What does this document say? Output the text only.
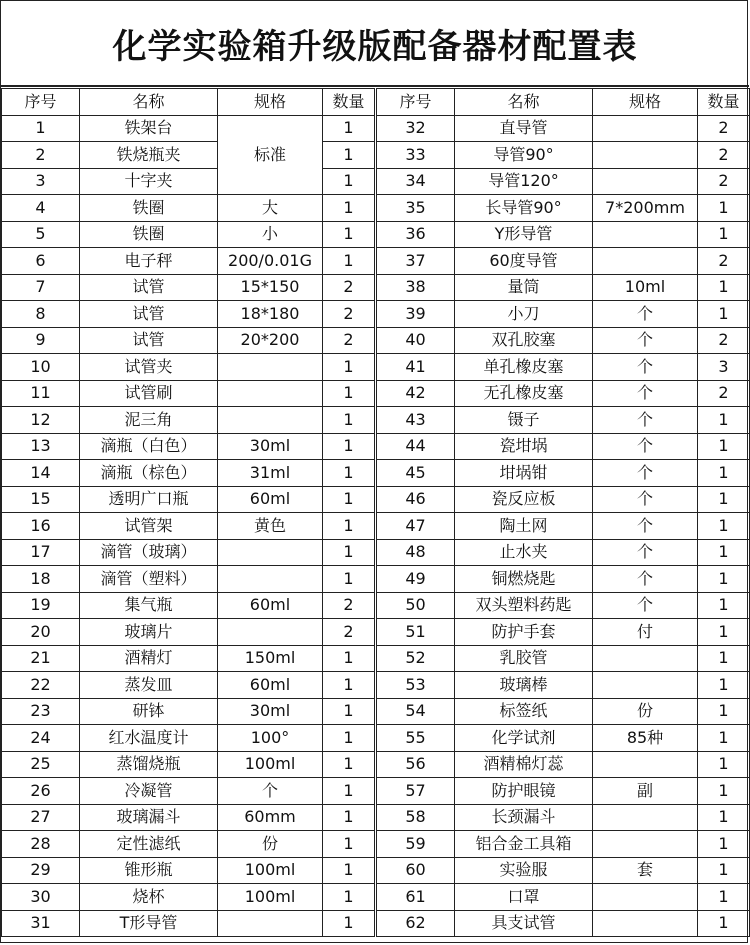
化学实验箱升级版配备器材配置表
序号	名称	规格	数量
1	铁架台	标准	1
2	铁烧瓶夹		1
3	十字夹		1
4	铁圈	大	1
5	铁圈	小	1
6	电子秤	200/0.01G	1
7	试管	15*150	2
8	试管	18*180	2
9	试管	20*200	2
10	试管夹		1
11	试管刷		1
12	泥三角		1
13	滴瓶（白色）	30ml	1
14	滴瓶（棕色）	31ml	1
15	透明广口瓶	60ml	1
16	试管架	黄色	1
17	滴管（玻璃）		1
18	滴管（塑料）		1
19	集气瓶	60ml	2
20	玻璃片		2
21	酒精灯	150ml	1
22	蒸发皿	60ml	1
23	研钵	30ml	1
24	红水温度计	100°	1
25	蒸馏烧瓶	100ml	1
26	冷凝管	个	1
27	玻璃漏斗	60mm	1
28	定性滤纸	份	1
29	锥形瓶	100ml	1
30	烧杯	100ml	1
31	T形导管		1
序号	名称	规格	数量
32	直导管		2
33	导管90°		2
34	导管120°		2
35	长导管90°	7*200mm	1
36	Y形导管		1
37	60度导管		2
38	量筒	10ml	1
39	小刀	个	1
40	双孔胶塞	个	2
41	单孔橡皮塞	个	3
42	无孔橡皮塞	个	2
43	镊子	个	1
44	瓷坩埚	个	1
45	坩埚钳	个	1
46	瓷反应板	个	1
47	陶土网	个	1
48	止水夹	个	1
49	铜燃烧匙	个	1
50	双头塑料药匙	个	1
51	防护手套	付	1
52	乳胶管		1
53	玻璃棒		1
54	标签纸	份	1
55	化学试剂	85种	1
56	酒精棉灯蕊		1
57	防护眼镜	副	1
58	长颈漏斗		1
59	铝合金工具箱		1
60	实验服	套	1
61	口罩		1
62	具支试管		1
